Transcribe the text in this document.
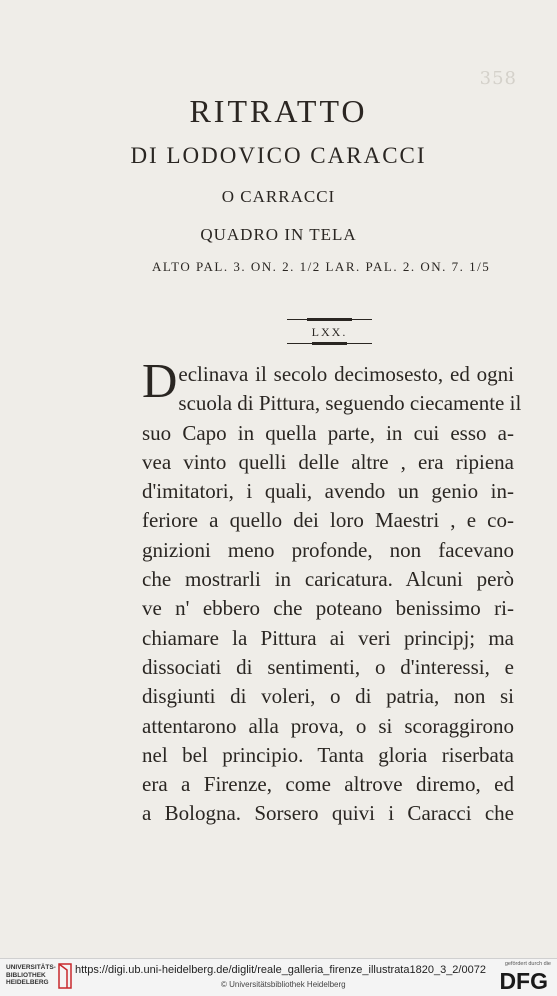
358
RITRATTO
DI LODOVICO CARACCI
O CARRACCI
QUADRO IN TELA
ALTO PAL. 3. ON. 2. 1/2 LAR. PAL. 2. ON. 7. 1/5
LXX.
Declinava il secolo decimosesto, ed ogni
scuola di Pittura, seguendo ciecamente il
suo Capo in quella parte, in cui esso a-
vea vinto quelli delle altre , era ripiena
d'imitatori, i quali, avendo un genio in-
feriore a quello dei loro Maestri , e co-
gnizioni meno profonde, non facevano
che mostrarli in caricatura. Alcuni però
ve n' ebbero che poteano benissimo ri-
chiamare la Pittura ai veri principj; ma
dissociati di sentimenti, o d'interessi, e
disgiunti di voleri, o di patria, non si
attentarono alla prova, o si scoraggirono
nel bel principio. Tanta gloria riserbata
era a Firenze, come altrove diremo, ed
a Bologna. Sorsero quivi i Caracci che
UNIVERSITÄTS-
BIBLIOTHEK
HEIDELBERG
https://digi.ub.uni-heidelberg.de/diglit/reale_galleria_firenze_illustrata1820_3_2/0072
© Universitätsbibliothek Heidelberg
gefördert durch die
DFG
